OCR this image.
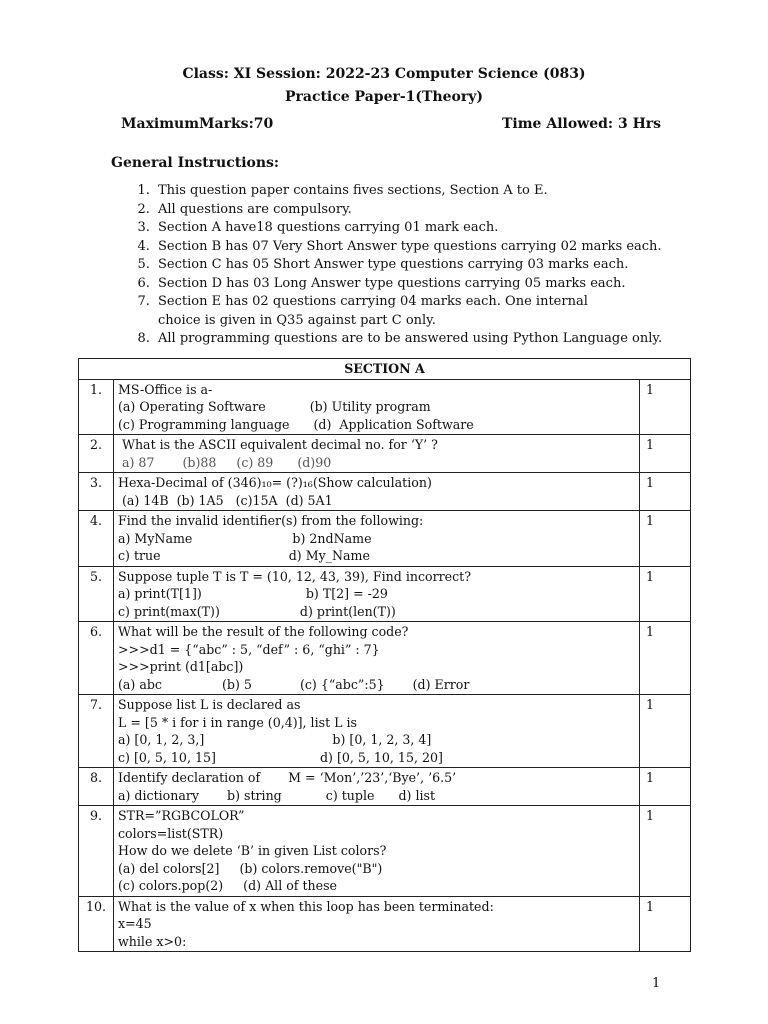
Class: XI Session: 2022-23 Computer Science (083)
Practice Paper-1(Theory)
MaximumMarks:70	Time Allowed: 3 Hrs
General Instructions:
1. This question paper contains fives sections, Section A to E.
2. All questions are compulsory.
3. Section A have18 questions carrying 01 mark each.
4. Section B has 07 Very Short Answer type questions carrying 02 marks each.
5. Section C has 05 Short Answer type questions carrying 03 marks each.
6. Section D has 03 Long Answer type questions carrying 05 marks each.
7. Section E has 02 questions carrying 04 marks each. One internal choice is given in Q35 against part C only.
8. All programming questions are to be answered using Python Language only.
SECTION A		
1.	MS-Office is a-
(a) Operating Software           (b) Utility program
(c) Programming language      (d)  Application Software	1
2.	What is the ASCII equivalent decimal no. for ‘Y’ ?
a) 87       (b)88     (c) 89      (d)90	1
3.	Hexa-Decimal of (346)₁₀= (?)₁₆(Show calculation)
(a) 14B  (b) 1A5   (c)15A  (d) 5A1	1
4.	Find the invalid identifier(s) from the following:
a) MyName                         b) 2ndName
c) true                                d) My_Name	1
5.	Suppose tuple T is T = (10, 12, 43, 39), Find incorrect?
a) print(T[1])                          b) T[2] = -29
c) print(max(T))                    d) print(len(T))	1
6.	What will be the result of the following code?
>>>d1 = {“abc” : 5, “def” : 6, “ghi” : 7}
>>>print (d1[abc])
(a) abc               (b) 5            (c) {“abc”:5}       (d) Error	1
7.	Suppose list L is declared as
L = [5 * i for i in range (0,4)], list L is
a) [0, 1, 2, 3,]                                b) [0, 1, 2, 3, 4]
c) [0, 5, 10, 15]                          d) [0, 5, 10, 15, 20]	1
8.	Identify declaration of       M = ‘Mon’,’23’,‘Bye’, ’6.5’
a) dictionary       b) string           c) tuple      d) list	1
9.	STR=”RGBCOLOR”
colors=list(STR)
How do we delete ‘B’ in given List colors?
(a) del colors[2]     (b) colors.remove("B")
(c) colors.pop(2)     (d) All of these	1
10.	What is the value of x when this loop has been terminated:
x=45
while x>0:	1
1
